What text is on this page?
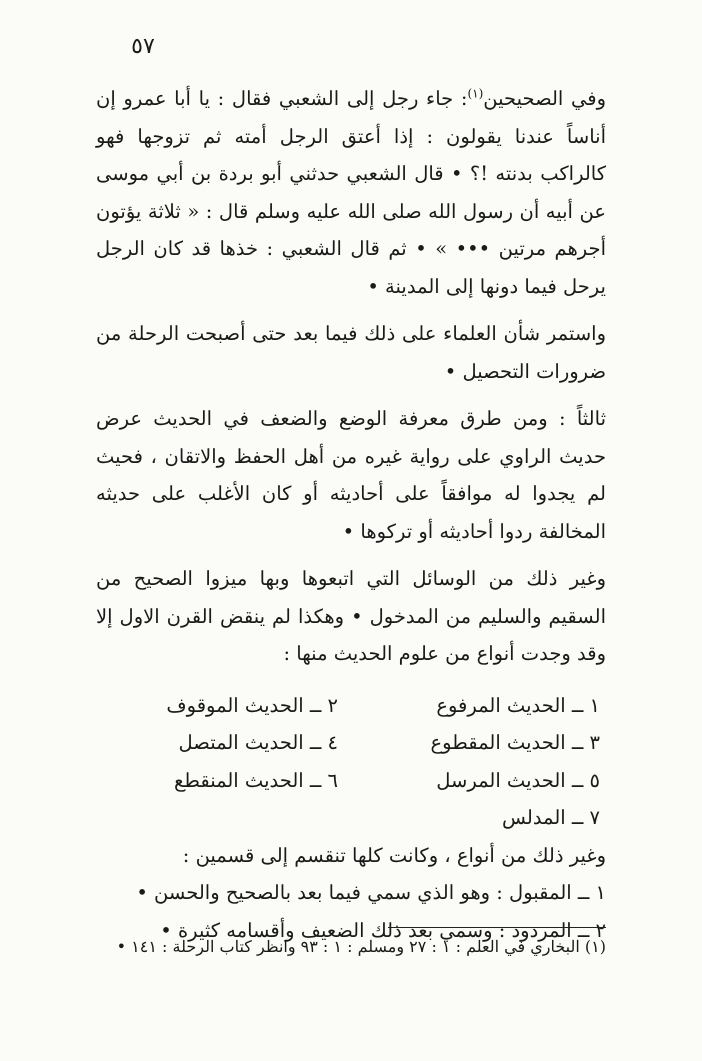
٥٧

وفي الصحيحين$^{(١)}$: جاء رجل إلى الشعبي فقال : يا أبا عمرو إن أناساً عندنا يقولون : إذا أعتق الرجل أمته ثم تزوجها فهو كالراكب بدنته !؟ • قال الشعبي حدثني أبو بردة بن أبي موسى عن أبيه أن رسول الله صلى الله عليه وسلم قال : « ثلاثة يؤتون أجرهم مرتين ••• » • ثم قال الشعبي : خذها قد كان الرجل يرحل فيما دونها إلى المدينة •

واستمر شأن العلماء على ذلك فيما بعد حتى أصبحت الرحلة من ضرورات التحصيل •

ثالثاً : ومن طرق معرفة الوضع والضعف في الحديث عرض حديث الراوي على رواية غيره من أهل الحفظ والاتقان ، فحيث لم يجدوا له موافقاً على أحاديثه أو كان الأغلب على حديثه المخالفة ردوا أحاديثه أو تركوها •

وغير ذلك من الوسائل التي اتبعوها وبها ميزوا الصحيح من السقيم والسليم من المدخول • وهكذا لم ينقض القرن الاول إلا وقد وجدت أنواع من علوم الحديث منها :

١ ــ الحديث المرفوع
٢ ــ الحديث الموقوف
٣ ــ الحديث المقطوع
٤ ــ الحديث المتصل
٥ ــ الحديث المرسل
٦ ــ الحديث المنقطع
٧ ــ المدلس

وغير ذلك من أنواع ، وكانت كلها تنقسم إلى قسمين :

١ ــ المقبول : وهو الذي سمي فيما بعد بالصحيح والحسن •

٢ ــ المردود : وسمي بعد ذلك الضعيف وأقسامه كثيرة •

(١) البخاري في العلم : ١ : ٢٧ ومسلم : ١ : ٩٣ وانظر كتاب الرحلة : ١٤١ •
